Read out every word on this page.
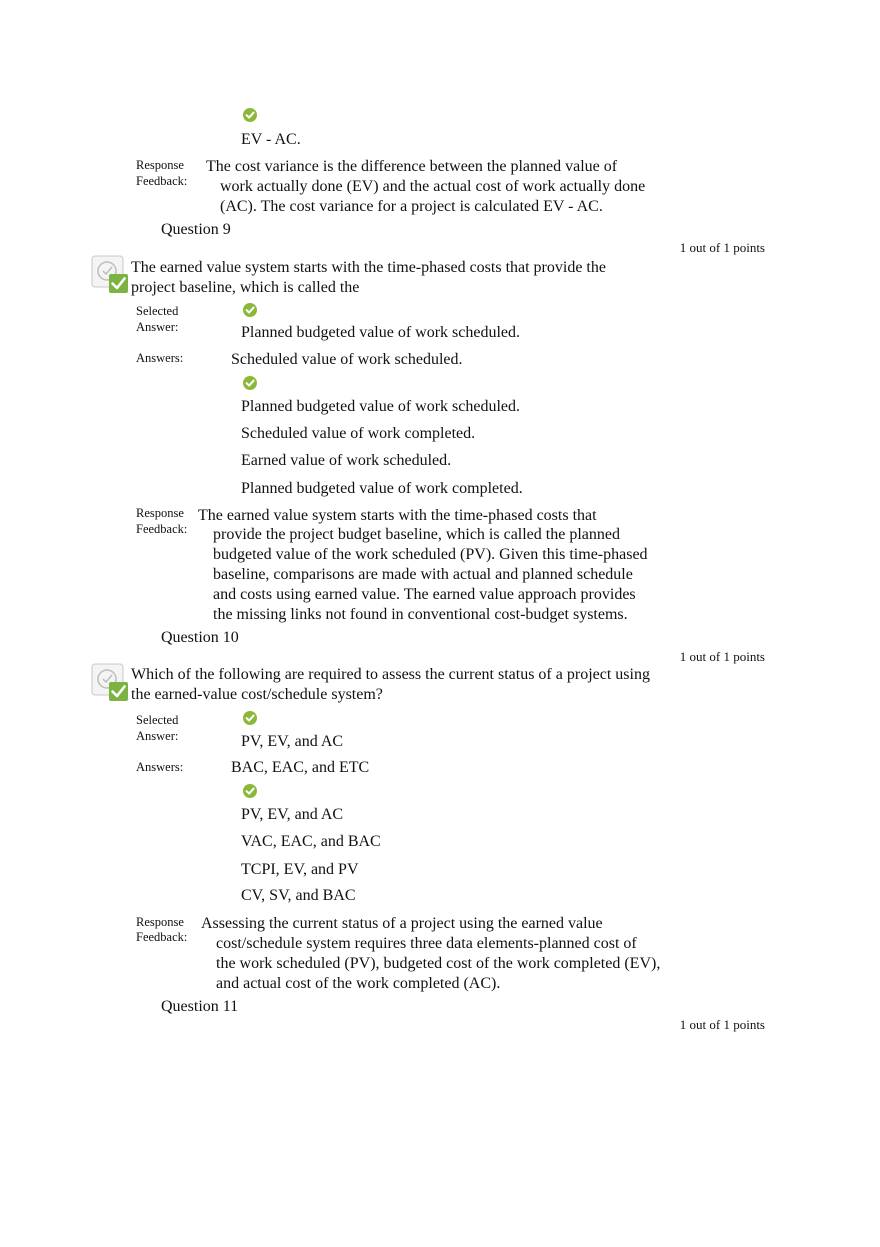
EV - AC.
Response
Feedback:
The cost variance is the difference between the planned value of
work actually done (EV) and the actual cost of work actually done
(AC). The cost variance for a project is calculated EV - AC.
Question 9
1 out of 1 points
The earned value system starts with the time-phased costs that provide the
project baseline, which is called the
Selected
Answer:	Planned budgeted value of work scheduled.
Answers:	Scheduled value of work scheduled.
Planned budgeted value of work scheduled.
Scheduled value of work completed.
Earned value of work scheduled.
Planned budgeted value of work completed.
Response
Feedback:
The earned value system starts with the time-phased costs that
provide the project budget baseline, which is called the planned
budgeted value of the work scheduled (PV). Given this time-phased
baseline, comparisons are made with actual and planned schedule
and costs using earned value. The earned value approach provides
the missing links not found in conventional cost-budget systems.
Question 10
1 out of 1 points
Which of the following are required to assess the current status of a project using
the earned-value cost/schedule system?
Selected
Answer:	PV, EV, and AC
Answers:	BAC, EAC, and ETC
PV, EV, and AC
VAC, EAC, and BAC
TCPI, EV, and PV
CV, SV, and BAC
Response
Feedback:
Assessing the current status of a project using the earned value
cost/schedule system requires three data elements-planned cost of
the work scheduled (PV), budgeted cost of the work completed (EV),
and actual cost of the work completed (AC).
Question 11
1 out of 1 points
